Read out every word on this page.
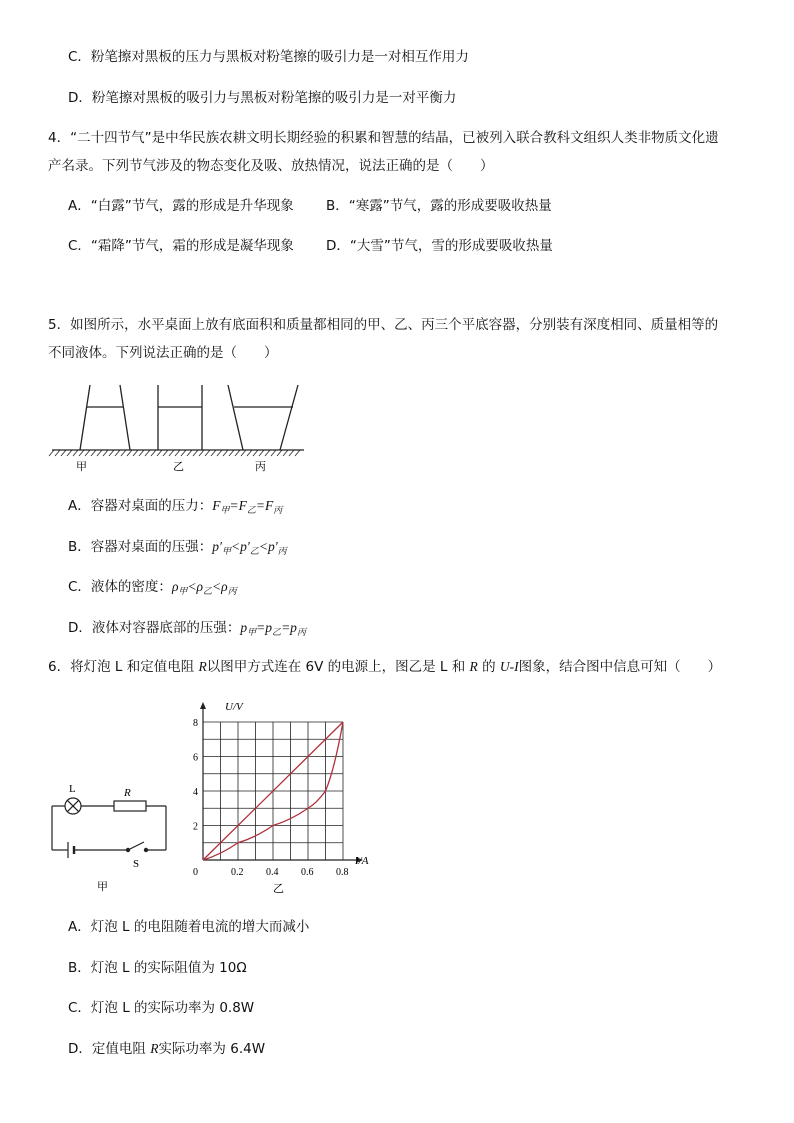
C．粉笔擦对黑板的压力与黑板对粉笔擦的吸引力是一对相互作用力
D．粉笔擦对黑板的吸引力与黑板对粉笔擦的吸引力是一对平衡力
4．“二十四节气”是中华民族农耕文明长期经验的积累和智慧的结晶，已被列入联合教科文组织人类非物质文化遗
产名录。下列节气涉及的物态变化及吸、放热情况，说法正确的是（　　）
A．“白露”节气，露的形成是升华现象 B．“寒露”节气，露的形成要吸收热量
C．“霜降”节气，霜的形成是凝华现象 D．“大雪”节气，雪的形成要吸收热量
5．如图所示，水平桌面上放有底面积和质量都相同的甲、乙、丙三个平底容器，分别装有深度相同、质量相等的
不同液体。下列说法正确的是（　　）
甲	乙	丙
A．容器对桌面的压力：$F_甲=F_乙=F_丙$
B．容器对桌面的压强：$p'_甲<p'_乙<p'_丙$
C．液体的密度：$\rho_甲<\rho_乙<\rho_丙$
D．液体对容器底部的压强：$p_甲=p_乙=p_丙$
6．将灯泡 L 和定值电阻 R以图甲方式连在 6V 的电源上，图乙是 L 和 R 的 U-I图象，结合图中信息可知（　　）
L	R
S
甲
0	0.2 0.4 0.6 0.8
2
4
6
8
I/A
U/V
乙
A．灯泡 L 的电阻随着电流的增大而减小
B．灯泡 L 的实际阻值为 10Ω
C．灯泡 L 的实际功率为 0.8W
D．定值电阻 R实际功率为 6.4W
